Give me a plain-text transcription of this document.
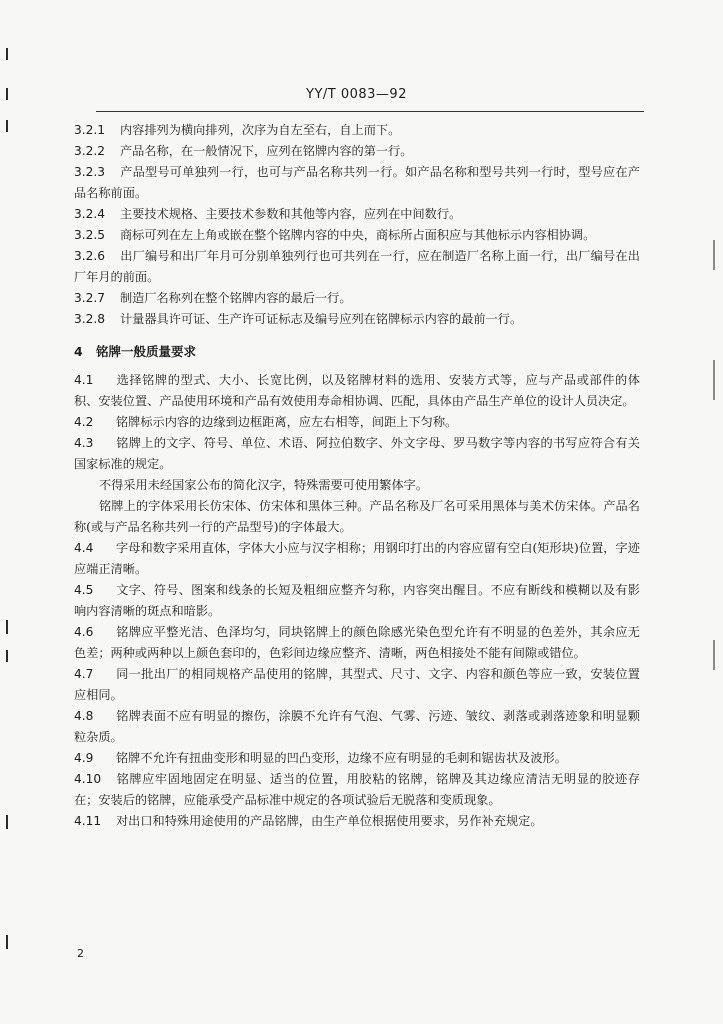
YY/T 0083—92

3.2.1 内容排列为横向排列，次序为自左至右，自上而下。

3.2.2 产品名称，在一般情况下，应列在铭牌内容的第一行。

3.2.3 产品型号可单独列一行，也可与产品名称共列一行。如产品名称和型号共列一行时，型号应在产品名称前面。

3.2.4 主要技术规格、主要技术参数和其他等内容，应列在中间数行。

3.2.5 商标可列在左上角或嵌在整个铭牌内容的中央，商标所占面积应与其他标示内容相协调。

3.2.6 出厂编号和出厂年月可分别单独列行也可共列在一行，应在制造厂名称上面一行，出厂编号在出厂年月的前面。

3.2.7 制造厂名称列在整个铭牌内容的最后一行。

3.2.8 计量器具许可证、生产许可证标志及编号应列在铭牌标示内容的最前一行。

4 铭牌一般质量要求

4.1 选择铭牌的型式、大小、长宽比例，以及铭牌材料的选用、安装方式等，应与产品或部件的体积、安装位置、产品使用环境和产品有效使用寿命相协调、匹配，具体由产品生产单位的设计人员决定。

4.2 铭牌标示内容的边缘到边框距离，应左右相等，间距上下匀称。

4.3 铭牌上的文字、符号、单位、术语、阿拉伯数字、外文字母、罗马数字等内容的书写应符合有关国家标准的规定。

不得采用未经国家公布的简化汉字，特殊需要可使用繁体字。

铭牌上的字体采用长仿宋体、仿宋体和黑体三种。产品名称及厂名可采用黑体与美术仿宋体。产品名称(或与产品名称共列一行的产品型号)的字体最大。

4.4 字母和数字采用直体，字体大小应与汉字相称；用钢印打出的内容应留有空白(矩形块)位置，字迹应端正清晰。

4.5 文字、符号、图案和线条的长短及粗细应整齐匀称，内容突出醒目。不应有断线和模糊以及有影响内容清晰的斑点和暗影。

4.6 铭牌应平整光洁、色泽均匀，同块铭牌上的颜色除感光染色型允许有不明显的色差外，其余应无色差；两种或两种以上颜色套印的，色彩间边缘应整齐、清晰，两色相接处不能有间隙或错位。

4.7 同一批出厂的相同规格产品使用的铭牌，其型式、尺寸、文字、内容和颜色等应一致，安装位置应相同。

4.8 铭牌表面不应有明显的擦伤，涂膜不允许有气泡、气雾、污迹、皱纹、剥落或剥落迹象和明显颗粒杂质。

4.9 铭牌不允许有扭曲变形和明显的凹凸变形，边缘不应有明显的毛刺和锯齿状及波形。

4.10 铭牌应牢固地固定在明显、适当的位置，用胶粘的铭牌，铭牌及其边缘应清洁无明显的胶迹存在；安装后的铭牌，应能承受产品标准中规定的各项试验后无脱落和变质现象。

4.11 对出口和特殊用途使用的产品铭牌，由生产单位根据使用要求，另作补充规定。

2
